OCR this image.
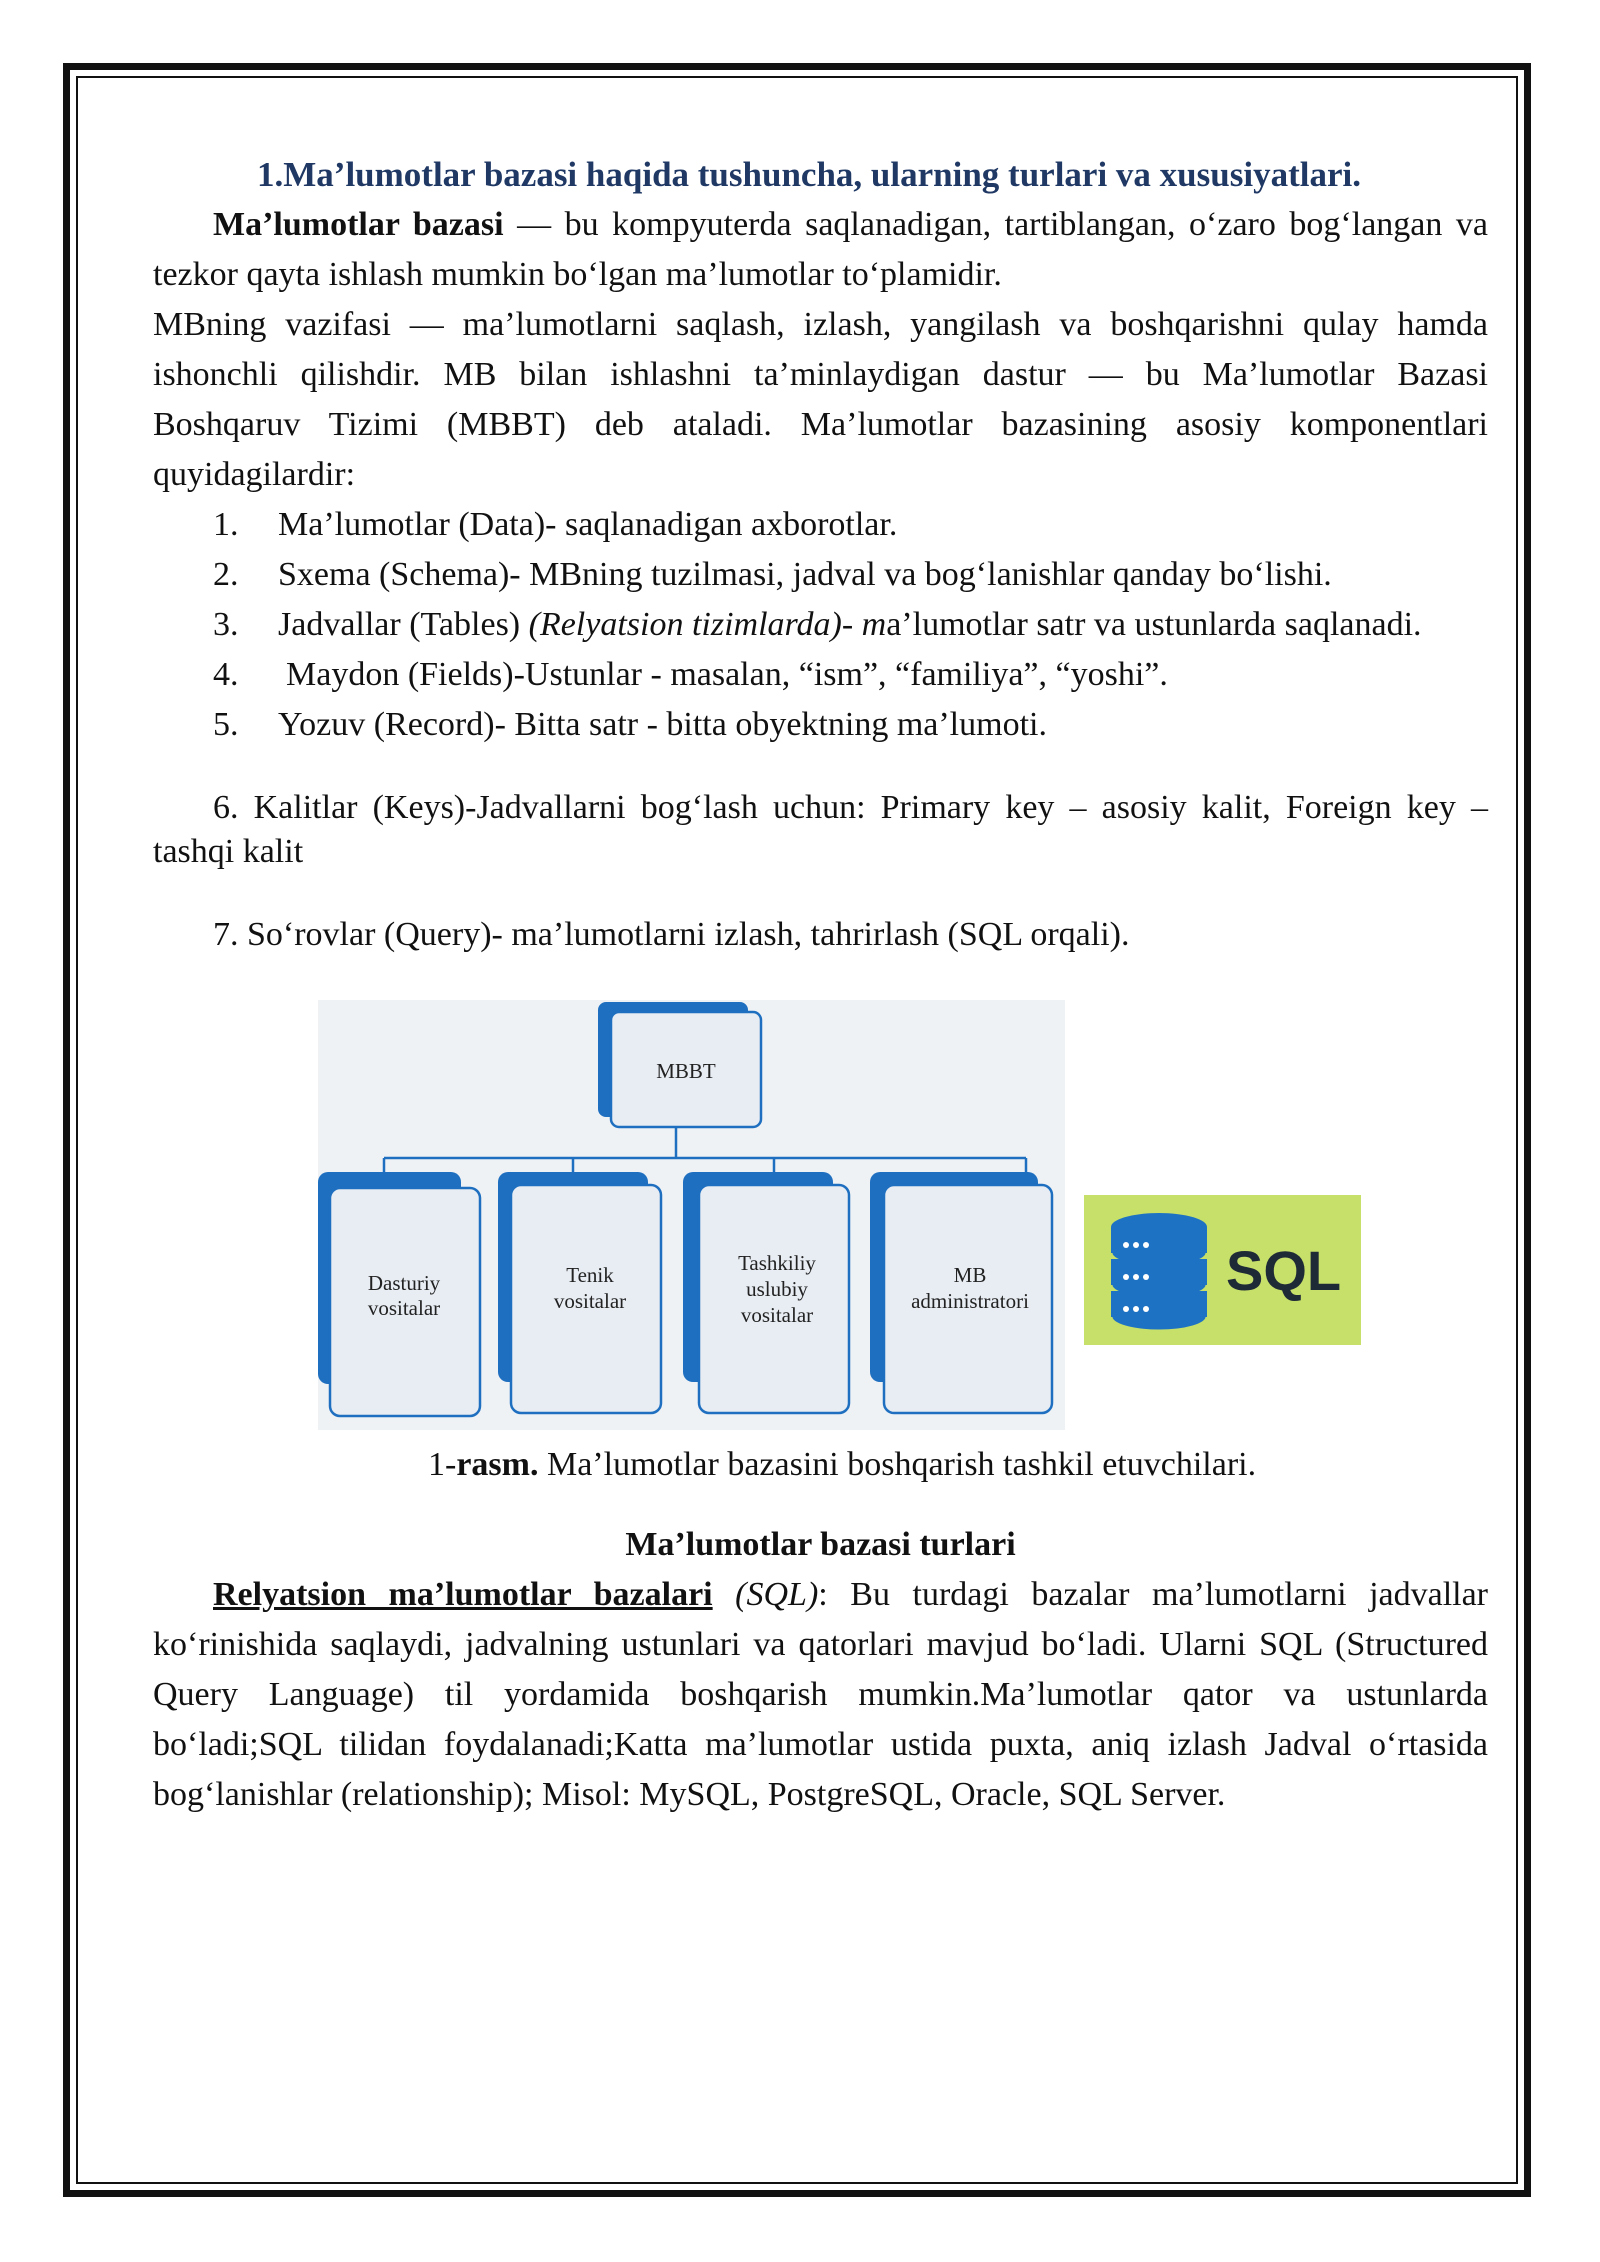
1.Ma’lumotlar bazasi haqida tushuncha, ularning turlari va xususiyatlari.

Ma’lumotlar bazasi — bu kompyuterda saqlanadigan, tartiblangan, o‘zaro bog‘langan va tezkor qayta ishlash mumkin bo‘lgan ma’lumotlar to‘plamidir.

MBning vazifasi — ma’lumotlarni saqlash, izlash, yangilash va boshqarishni qulay hamda ishonchli qilishdir. MB bilan ishlashni ta’minlaydigan dastur — bu Ma’lumotlar Bazasi Boshqaruv Tizimi (MBBT) deb ataladi. Ma’lumotlar bazasining asosiy komponentlari quyidagilardir:

1. Ma’lumotlar (Data)- saqlanadigan axborotlar.

2. Sxema (Schema)- MBning tuzilmasi, jadval va bog‘lanishlar qanday bo‘lishi.

3. Jadvallar (Tables) (Relyatsion tizimlarda)- ma’lumotlar satr va ustunlarda saqlanadi.

4. Maydon (Fields)-Ustunlar - masalan, “ism”, “familiya”, “yoshi”.

5. Yozuv (Record)- Bitta satr - bitta obyektning ma’lumoti.

6. Kalitlar (Keys)-Jadvallarni bog‘lash uchun: Primary key – asosiy kalit, Foreign key – tashqi kalit

7. So‘rovlar (Query)- ma’lumotlarni izlash, tahrirlash (SQL orqali).

MBBT
Dasturiy
vositalar
Tenik
vositalar
Tashkiliy
uslubiy
vositalar
MB
administratori	SQL

1-rasm. Ma’lumotlar bazasini boshqarish tashkil etuvchilari.

Ma’lumotlar bazasi turlari

Relyatsion ma’lumotlar bazalari (SQL): Bu turdagi bazalar ma’lumotlarni jadvallar ko‘rinishida saqlaydi, jadvalning ustunlari va qatorlari mavjud bo‘ladi. Ularni SQL (Structured Query Language) til yordamida boshqarish mumkin.Ma’lumotlar qator va ustunlarda bo‘ladi;SQL tilidan foydalanadi;Katta ma’lumotlar ustida puxta, aniq izlash Jadval o‘rtasida bog‘lanishlar (relationship); Misol: MySQL, PostgreSQL, Oracle, SQL Server.
